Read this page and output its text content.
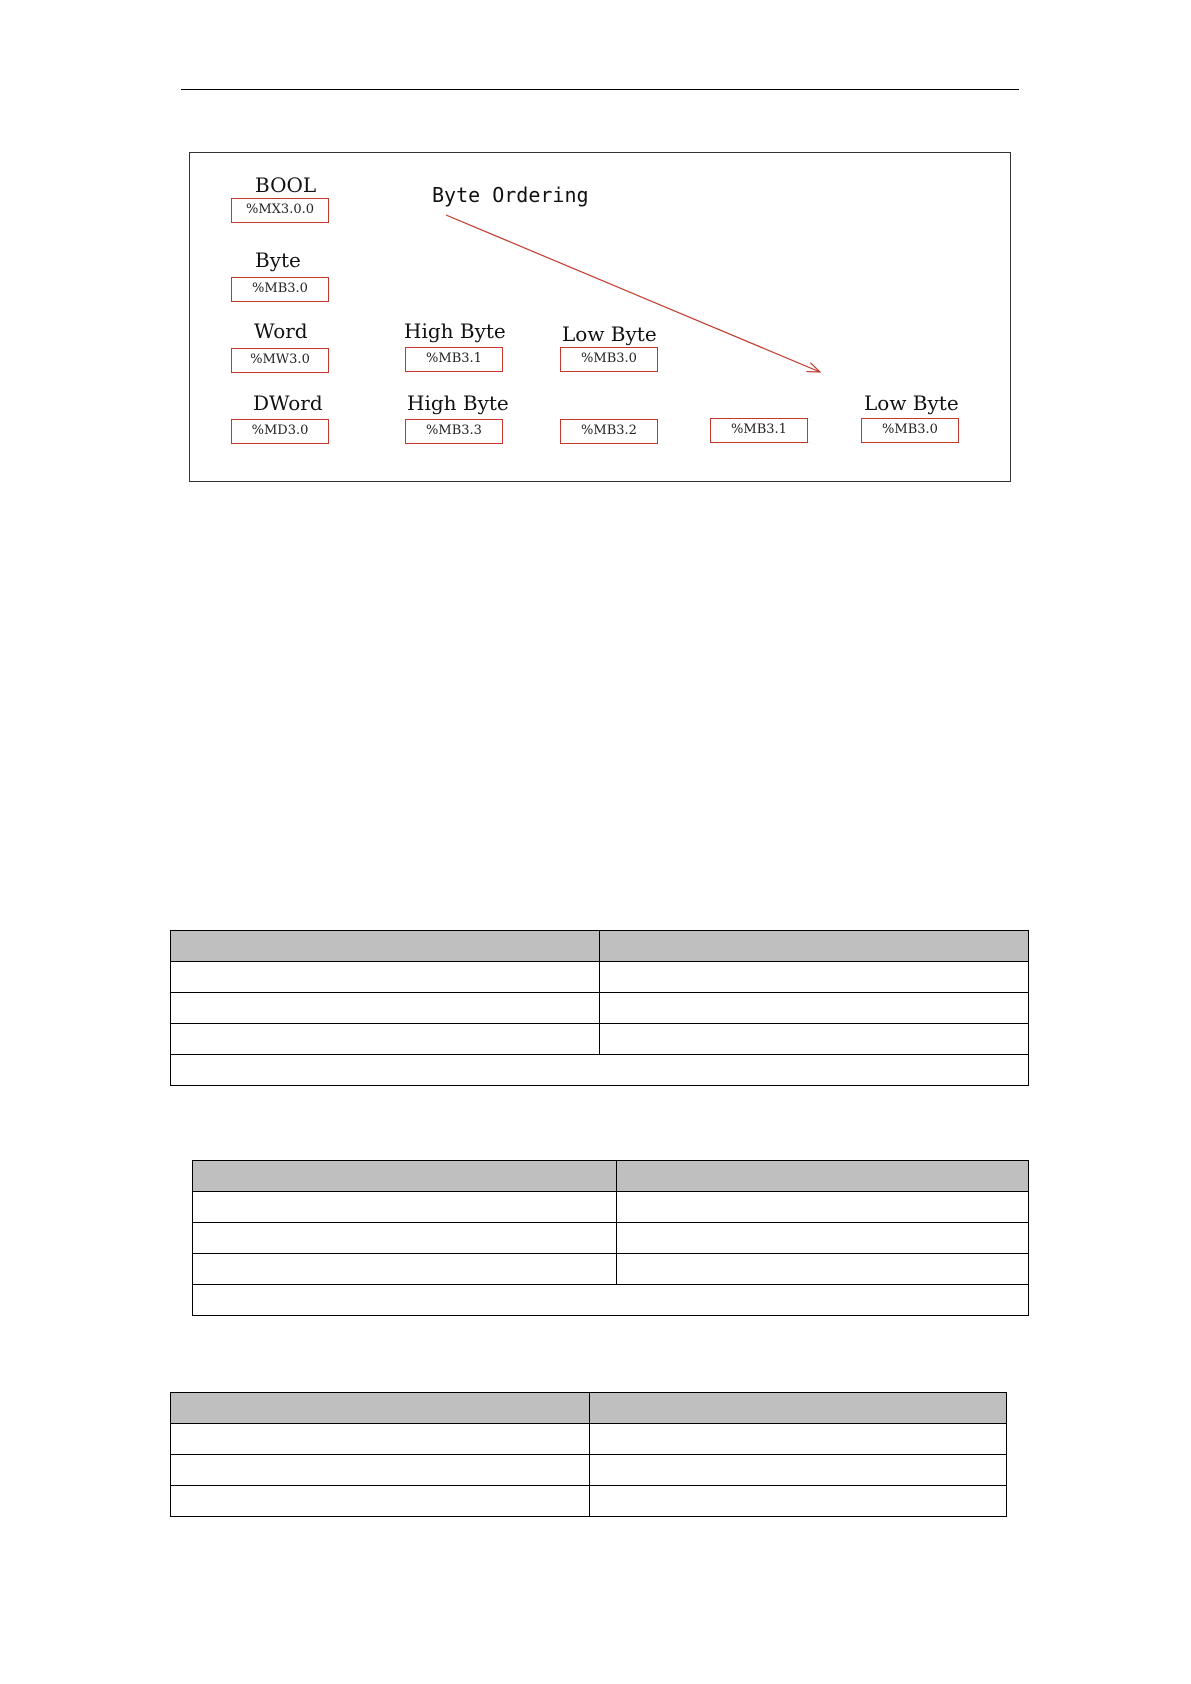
Byte Ordering
BOOL
%MX3.0.0
Byte
%MB3.0
Word
%MW3.0
High Byte
%MB3.1
Low Byte
%MB3.0
DWord
%MD3.0
High Byte
%MB3.3	%MB3.2	%MB3.1
Low Byte
%MB3.0
